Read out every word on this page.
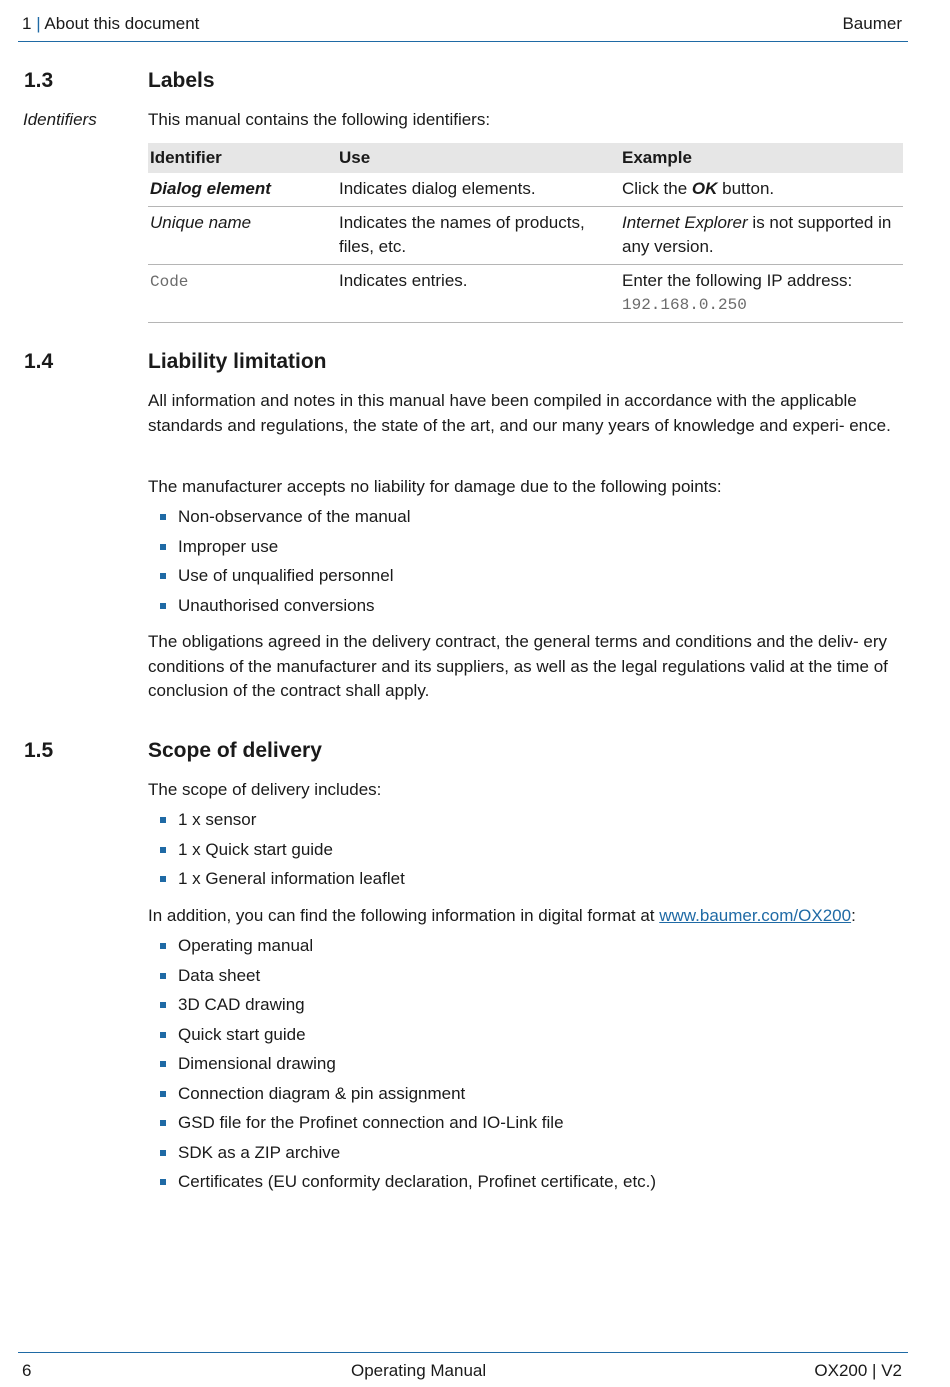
1 | About this document	Baumer
1.3	Labels
Identifiers	This manual contains the following identifiers:
Identifier	Use	Example
Dialog element	Indicates dialog elements.	Click the OK button.
Unique name	Indicates the names of products, files, etc.	Internet Explorer is not supported in any version.
Code	Indicates entries.	Enter the following IP address:
192.168.0.250
1.4	Liability limitation
All information and notes in this manual have been compiled in accordance with the applicable standards and regulations, the state of the art, and our many years of knowledge and experi- ence.
The manufacturer accepts no liability for damage due to the following points:
Non-observance of the manual
Improper use
Use of unqualified personnel
Unauthorised conversions
The obligations agreed in the delivery contract, the general terms and conditions and the deliv- ery conditions of the manufacturer and its suppliers, as well as the legal regulations valid at the time of conclusion of the contract shall apply.
1.5	Scope of delivery
The scope of delivery includes:
1 x sensor
1 x Quick start guide
1 x General information leaflet
In addition, you can find the following information in digital format at www.baumer.com/OX200:
Operating manual
Data sheet
3D CAD drawing
Quick start guide
Dimensional drawing
Connection diagram & pin assignment
GSD file for the Profinet connection and IO-Link file
SDK as a ZIP archive
Certificates (EU conformity declaration, Profinet certificate, etc.)
6	Operating Manual	OX200 | V2
